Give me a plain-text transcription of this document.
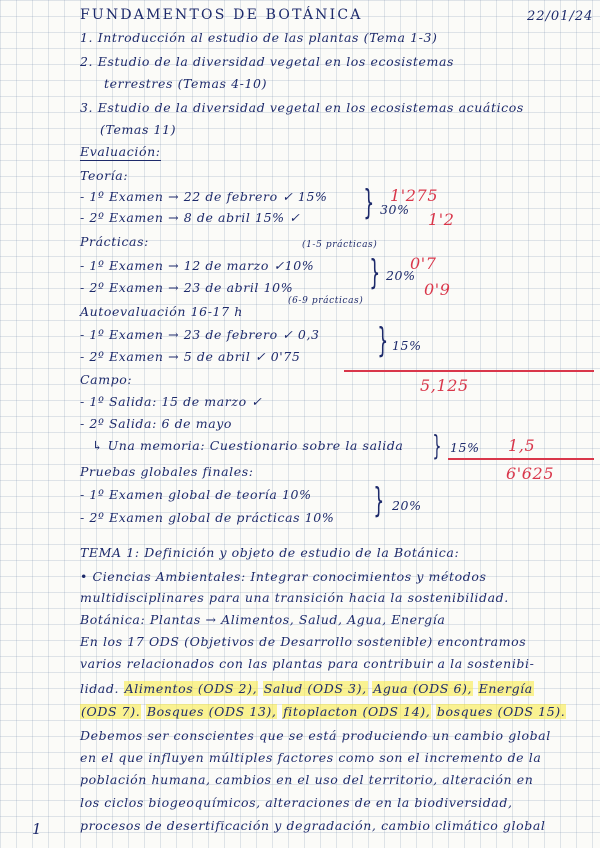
FUNDAMENTOS DE BOTÁNICA	22/01/24
1. Introducción al estudio de las plantas (Tema 1-3)
2. Estudio de la diversidad vegetal en los ecosistemas
terrestres (Temas 4-10)
3. Estudio de la diversidad vegetal en los ecosistemas acuáticos
(Temas 11)
Evaluación:
Teoría:
- 1º Examen → 22 de febrero ✓ 15%
- 2º Examen → 8 de abril 15% ✓ } 30%
1'275
1'2
Prácticas:	(1-5 prácticas)
- 1º Examen → 12 de marzo ✓10%
- 2º Examen → 23 de abril 10%
(6-9 prácticas)
} 20%
0'7
0'9
Autoevaluación 16-17 h
- 1º Examen → 23 de febrero ✓ 0,3
- 2º Examen → 5 de abril ✓ 0'75 } 15%
5,125
Campo:
- 1º Salida: 15 de marzo ✓
- 2º Salida: 6 de mayo
↳ Una memoria: Cuestionario sobre la salida } 15% 1,5
6'625
Pruebas globales finales:
- 1º Examen global de teoría 10%
- 2º Examen global de prácticas 10% } 20%
TEMA 1: Definición y objeto de estudio de la Botánica:
• Ciencias Ambientales: Integrar conocimientos y métodos
multidisciplinares para una transición hacia la sostenibilidad.
Botánica: Plantas → Alimentos, Salud, Agua, Energía
En los 17 ODS (Objetivos de Desarrollo sostenible) encontramos
varios relacionados con las plantas para contribuir a la sostenibi-
lidad. Alimentos (ODS 2), Salud (ODS 3), Agua (ODS 6), Energía
(ODS 7). Bosques (ODS 13), fitoplacton (ODS 14), bosques (ODS 15).
Debemos ser conscientes que se está produciendo un cambio global
en el que influyen múltiples factores como son el incremento de la
población humana, cambios en el uso del territorio, alteración en
los ciclos biogeoquímicos, alteraciones de en la biodiversidad,
procesos de desertificación y degradación, cambio climático global
1
